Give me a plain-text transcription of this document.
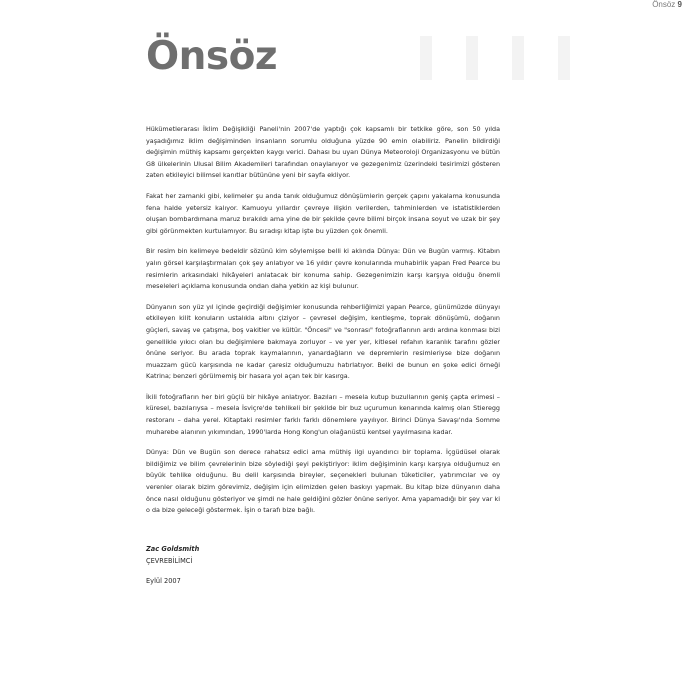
Önsöz 9
Önsöz

Hükümetlerarası İklim Değişikliği Paneli'nin 2007'de yaptığı çok kapsamlı bir tetkike göre, son 50 yılda yaşadığımız iklim değişiminden insanların sorumlu olduğuna yüzde 90 emin olabiliriz. Panelin bildirdiği değişimin müthiş kapsamı gerçekten kaygı verici. Dahası bu uyarı Dünya Meteoroloji Organizasyonu ve bütün G8 ülkelerinin Ulusal Bilim Akademileri tarafından onaylanıyor ve gezegenimiz üzerindeki tesirimizi gösteren zaten etkileyici bilimsel kanıtlar bütününe yeni bir sayfa ekliyor.

Fakat her zamanki gibi, kelimeler şu anda tanık olduğumuz dönüşümlerin gerçek çapını yakalama konusunda fena halde yetersiz kalıyor. Kamuoyu yıllardır çevreye ilişkin verilerden, tahminlerden ve istatistiklerden oluşan bombardımana maruz bırakıldı ama yine de bir şekilde çevre bilimi birçok insana soyut ve uzak bir şey gibi görünmekten kurtulamıyor. Bu sıradışı kitap işte bu yüzden çok önemli.

Bir resim bin kelimeye bedeldir sözünü kim söylemişse belli ki aklında Dünya: Dün ve Bugün varmış. Kitabın yalın görsel karşılaştırmaları çok şey anlatıyor ve 16 yıldır çevre konularında muhabirlik yapan Fred Pearce bu resimlerin arkasındaki hikâyeleri anlatacak bir konuma sahip. Gezegenimizin karşı karşıya olduğu önemli meseleleri açıklama konusunda ondan daha yetkin az kişi bulunur.

Dünyanın son yüz yıl içinde geçirdiği değişimler konusunda rehberliğimizi yapan Pearce, günümüzde dünyayı etkileyen kilit konuların ustalıkla altını çiziyor – çevresel değişim, kentleşme, toprak dönüşümü, doğanın güçleri, savaş ve çatışma, boş vakitler ve kültür. "Öncesi" ve "sonrası" fotoğraflarının ardı ardına konması bizi genellikle yıkıcı olan bu değişimlere bakmaya zorluyor – ve yer yer, kitlesel refahın karanlık tarafını gözler önüne seriyor. Bu arada toprak kaymalarının, yanardağların ve depremlerin resimleriyse bize doğanın muazzam gücü karşısında ne kadar çaresiz olduğumuzu hatırlatıyor. Belki de bunun en şoke edici örneği Katrina; benzeri görülmemiş bir hasara yol açan tek bir kasırga.

İkili fotoğrafların her biri güçlü bir hikâye anlatıyor. Bazıları – mesela kutup buzullarının geniş çapta erimesi – küresel, bazılarıysa – mesela İsviçre'de tehlikeli bir şekilde bir buz uçurumun kenarında kalmış olan Stieregg restoranı – daha yerel. Kitaptaki resimler farklı farklı dönemlere yayılıyor. Birinci Dünya Savaşı'nda Somme muharebe alanının yıkımından, 1990'larda Hong Kong'un olağanüstü kentsel yayılmasına kadar.

Dünya: Dün ve Bugün son derece rahatsız edici ama müthiş ilgi uyandırıcı bir toplama. İçgüdüsel olarak bildiğimiz ve bilim çevrelerinin bize söylediği şeyi pekiştiriyor: iklim değişiminin karşı karşıya olduğumuz en büyük tehlike olduğunu. Bu delil karşısında bireyler, seçenekleri bulunan tüketiciler, yatırımcılar ve oy verenler olarak bizim görevimiz, değişim için elimizden gelen baskıyı yapmak. Bu kitap bize dünyanın daha önce nasıl olduğunu gösteriyor ve şimdi ne hale geldiğini gözler önüne seriyor. Ama yapamadığı bir şey var ki o da bize geleceği göstermek. İşin o tarafı bize bağlı.

Zac Goldsmith
ÇEVREBİLİMCİ
Eylül 2007
